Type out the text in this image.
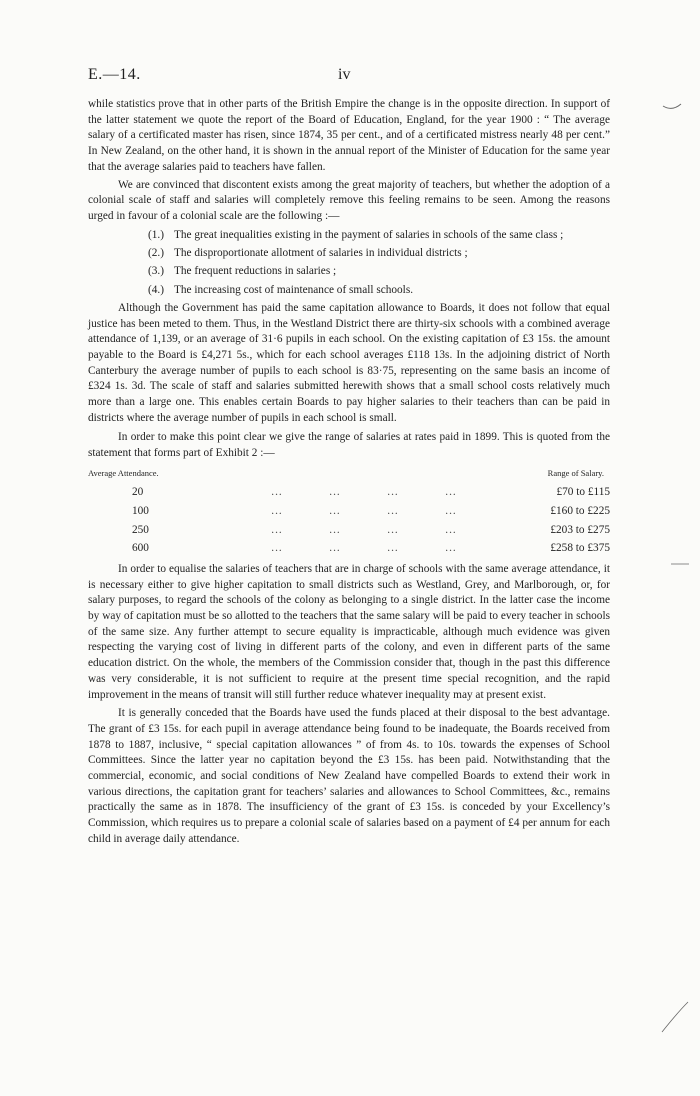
E.—14.	iv

while statistics prove that in other parts of the British Empire the change is in the opposite direction. In support of the latter statement we quote the report of the Board of Education, England, for the year 1900 : “ The average salary of a certificated master has risen, since 1874, 35 per cent., and of a certificated mistress nearly 48 per cent.” In New Zealand, on the other hand, it is shown in the annual report of the Minister of Education for the same year that the average salaries paid to teachers have fallen.

We are convinced that discontent exists among the great majority of teachers, but whether the adoption of a colonial scale of staff and salaries will completely remove this feeling remains to be seen. Among the reasons urged in favour of a colonial scale are the following :—

(1.) The great inequalities existing in the payment of salaries in schools of the same class ;
(2.) The disproportionate allotment of salaries in individual districts ;
(3.) The frequent reductions in salaries ;
(4.) The increasing cost of maintenance of small schools.

Although the Government has paid the same capitation allowance to Boards, it does not follow that equal justice has been meted to them. Thus, in the Westland District there are thirty-six schools with a combined average attendance of 1,139, or an average of 31·6 pupils in each school. On the existing capitation of £3 15s. the amount payable to the Board is £4,271 5s., which for each school averages £118 13s. In the adjoining district of North Canterbury the average number of pupils to each school is 83·75, representing on the same basis an income of £324 1s. 3d. The scale of staff and salaries submitted herewith shows that a small school costs relatively much more than a large one. This enables certain Boards to pay higher salaries to their teachers than can be paid in districts where the average number of pupils in each school is small.

In order to make this point clear we give the range of salaries at rates paid in 1899. This is quoted from the statement that forms part of Exhibit 2 :—

Average Attendance.					Range of Salary.
20	...	...	...	...	£70 to £115
100	...	...	...	...	£160 to £225
250	...	...	...	...	£203 to £275
600	...	...	...	...	£258 to £375

In order to equalise the salaries of teachers that are in charge of schools with the same average attendance, it is necessary either to give higher capitation to small districts such as Westland, Grey, and Marlborough, or, for salary purposes, to regard the schools of the colony as belonging to a single district. In the latter case the income by way of capitation must be so allotted to the teachers that the same salary will be paid to every teacher in schools of the same size. Any further attempt to secure equality is impracticable, although much evidence was given respecting the varying cost of living in different parts of the colony, and even in different parts of the same education district. On the whole, the members of the Commission consider that, though in the past this difference was very considerable, it is not sufficient to require at the present time special recognition, and the rapid improvement in the means of transit will still further reduce whatever inequality may at present exist.

It is generally conceded that the Boards have used the funds placed at their disposal to the best advantage. The grant of £3 15s. for each pupil in average attendance being found to be inadequate, the Boards received from 1878 to 1887, inclusive, “ special capitation allowances ” of from 4s. to 10s. towards the expenses of School Committees. Since the latter year no capitation beyond the £3 15s. has been paid. Notwithstanding that the commercial, economic, and social conditions of New Zealand have compelled Boards to extend their work in various directions, the capitation grant for teachers’ salaries and allowances to School Committees, &c., remains practically the same as in 1878. The insufficiency of the grant of £3 15s. is conceded by your Excellency’s Commission, which requires us to prepare a colonial scale of salaries based on a payment of £4 per annum for each child in average daily attendance.
